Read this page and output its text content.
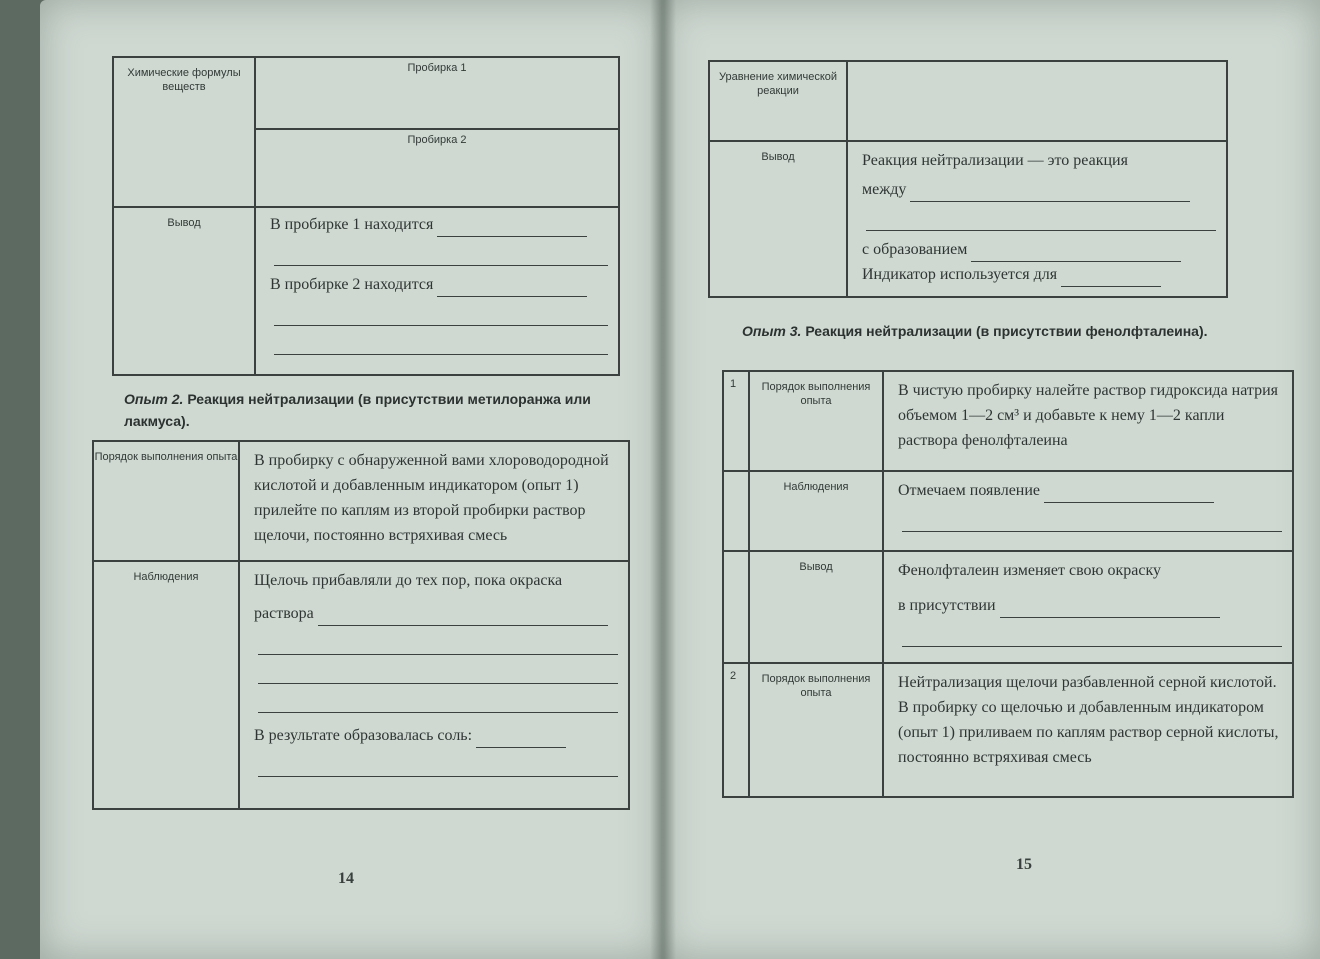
Химические формулы веществ	Пробирка 1
Пробирка 2

Вывод	В пробирке 1 находится
В пробирке 2 находится
Опыт 2. Реакция нейтрализации (в присутствии метилоранжа или лакмуса).
Порядок выполнения опыта	В пробирку с обнаруженной вами хлороводородной кислотой и добавленным индикатором (опыт 1) прилейте по каплям из второй пробирки раствор щелочи, постоянно встряхивая смесь

Наблюдения	Щелочь прибавляли до тех пор, пока окраска
раствора
В результате образовалась соль:
14
Уравнение химической реакции	

Вывод	Реакция нейтрализации — это реакция
между
с образованием
Индикатор используется для
Опыт 3. Реакция нейтрализации (в присутствии фенолфталеина).
1	Порядок выполнения опыта	В чистую пробирку налейте раствор гидроксида натрия объемом 1—2 см³ и добавьте к нему 1—2 капли раствора фенолфталеина

	Наблюдения	Отмечаем появление

	Вывод	Фенолфталеин изменяет свою окраску
в присутствии

2	Порядок выполнения опыта	Нейтрализация щелочи разбавленной серной кислотой. В пробирку со щелочью и добавленным индикатором (опыт 1) приливаем по каплям раствор серной кислоты, постоянно встряхивая смесь
15
